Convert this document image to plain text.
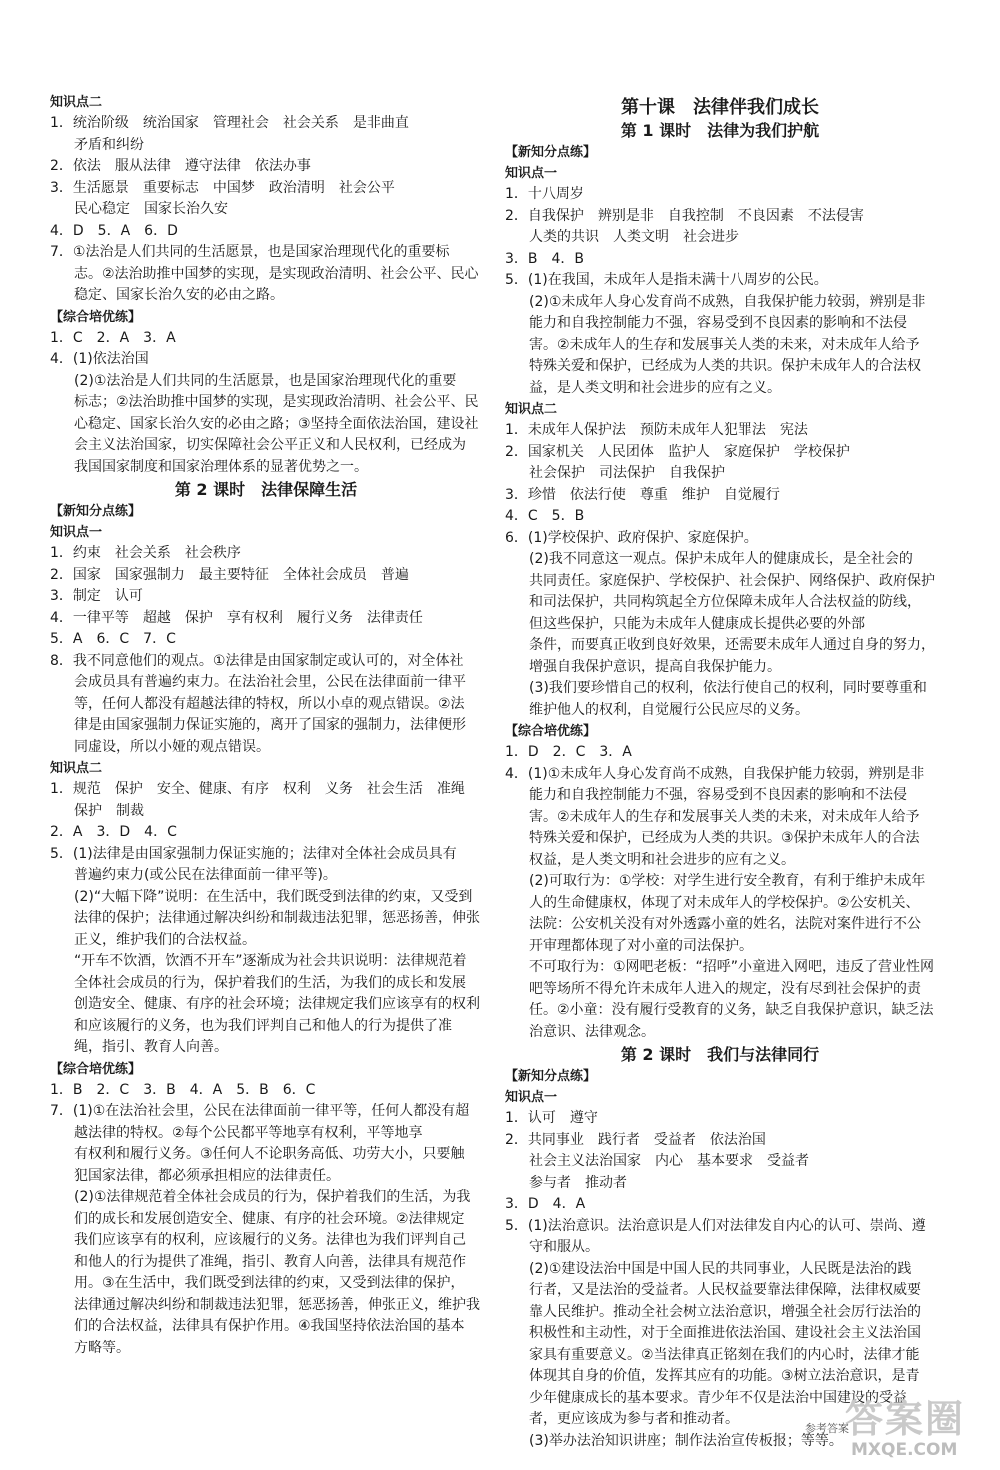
知识点二
1．统治阶级　统治国家　管理社会　社会关系　是非曲直
矛盾和纠纷
2．依法　服从法律　遵守法律　依法办事
3．生活愿景　重要标志　中国梦　政治清明　社会公平
民心稳定　国家长治久安
4．D　5．A　6．D
7．①法治是人们共同的生活愿景，也是国家治理现代化的重要标
志。②法治助推中国梦的实现，是实现政治清明、社会公平、民心
稳定、国家长治久安的必由之路。
【综合培优练】
1．C　2．A　3．A
4．(1)依法治国
(2)①法治是人们共同的生活愿景，也是国家治理现代化的重要
标志；②法治助推中国梦的实现，是实现政治清明、社会公平、民
心稳定、国家长治久安的必由之路；③坚持全面依法治国，建设社
会主义法治国家，切实保障社会公平正义和人民权利，已经成为
我国国家制度和国家治理体系的显著优势之一。
第 2 课时　法律保障生活
【新知分点练】
知识点一
1．约束　社会关系　社会秩序
2．国家　国家强制力　最主要特征　全体社会成员　普遍
3．制定　认可
4．一律平等　超越　保护　享有权利　履行义务　法律责任
5．A　6．C　7．C
8．我不同意他们的观点。①法律是由国家制定或认可的，对全体社
会成员具有普遍约束力。在法治社会里，公民在法律面前一律平
等，任何人都没有超越法律的特权，所以小卓的观点错误。②法
律是由国家强制力保证实施的，离开了国家的强制力，法律便形
同虚设，所以小娅的观点错误。
知识点二
1．规范　保护　安全、健康、有序　权利　义务　社会生活　准绳
保护　制裁
2．A　3．D　4．C
5．(1)法律是由国家强制力保证实施的；法律对全体社会成员具有
普遍约束力(或公民在法律面前一律平等)。
(2)“大幅下降”说明：在生活中，我们既受到法律的约束，又受到
法律的保护；法律通过解决纠纷和制裁违法犯罪，惩恶扬善，伸张
正义，维护我们的合法权益。
“开车不饮酒，饮酒不开车”逐渐成为社会共识说明：法律规范着
全体社会成员的行为，保护着我们的生活，为我们的成长和发展
创造安全、健康、有序的社会环境；法律规定我们应该享有的权利
和应该履行的义务，也为我们评判自己和他人的行为提供了准
绳，指引、教育人向善。
【综合培优练】
1．B　2．C　3．B　4．A　5．B　6．C
7．(1)①在法治社会里，公民在法律面前一律平等，任何人都没有超
越法律的特权。②每个公民都平等地享有权利，平等地享
有权利和履行义务。③任何人不论职务高低、功劳大小，只要触
犯国家法律，都必须承担相应的法律责任。
(2)①法律规范着全体社会成员的行为，保护着我们的生活，为我
们的成长和发展创造安全、健康、有序的社会环境。②法律规定
我们应该享有的权利，应该履行的义务。法律也为我们评判自己
和他人的行为提供了准绳，指引、教育人向善，法律具有规范作
用。③在生活中，我们既受到法律的约束，又受到法律的保护，
法律通过解决纠纷和制裁违法犯罪，惩恶扬善，伸张正义，维护我
们的合法权益，法律具有保护作用。④我国坚持依法治国的基本
方略等。
第十课　法律伴我们成长
第 1 课时　法律为我们护航
【新知分点练】
知识点一
1．十八周岁
2．自我保护　辨别是非　自我控制　不良因素　不法侵害
人类的共识　人类文明　社会进步
3．B　4．B
5．(1)在我国，未成年人是指未满十八周岁的公民。
(2)①未成年人身心发育尚不成熟，自我保护能力较弱，辨别是非
能力和自我控制能力不强，容易受到不良因素的影响和不法侵
害。②未成年人的生存和发展事关人类的未来，对未成年人给予
特殊关爱和保护，已经成为人类的共识。保护未成年人的合法权
益，是人类文明和社会进步的应有之义。
知识点二
1．未成年人保护法　预防未成年人犯罪法　宪法
2．国家机关　人民团体　监护人　家庭保护　学校保护
社会保护　司法保护　自我保护
3．珍惜　依法行使　尊重　维护　自觉履行
4．C　5．B
6．(1)学校保护、政府保护、家庭保护。
(2)我不同意这一观点。保护未成年人的健康成长，是全社会的
共同责任。家庭保护、学校保护、社会保护、网络保护、政府保护
和司法保护，共同构筑起全方位保障未成年人合法权益的防线，
但这些保护，只能为未成年人健康成长提供必要的外部
条件，而要真正收到良好效果，还需要未成年人通过自身的努力，
增强自我保护意识，提高自我保护能力。
(3)我们要珍惜自己的权利，依法行使自己的权利，同时要尊重和
维护他人的权利，自觉履行公民应尽的义务。
【综合培优练】
1．D　2．C　3．A
4．(1)①未成年人身心发育尚不成熟，自我保护能力较弱，辨别是非
能力和自我控制能力不强，容易受到不良因素的影响和不法侵
害。②未成年人的生存和发展事关人类的未来，对未成年人给予
特殊关爱和保护，已经成为人类的共识。③保护未成年人的合法
权益，是人类文明和社会进步的应有之义。
(2)可取行为：①学校：对学生进行安全教育，有利于维护未成年
人的生命健康权，体现了对未成年人的学校保护。②公安机关、
法院：公安机关没有对外透露小童的姓名，法院对案件进行不公
开审理都体现了对小童的司法保护。
不可取行为：①网吧老板：“招呼”小童进入网吧，违反了营业性网
吧等场所不得允许未成年人进入的规定，没有尽到社会保护的责
任。②小童：没有履行受教育的义务，缺乏自我保护意识，缺乏法
治意识、法律观念。
第 2 课时　我们与法律同行
【新知分点练】
知识点一
1．认可　遵守
2．共同事业　践行者　受益者　依法治国
社会主义法治国家　内心　基本要求　受益者
参与者　推动者
3．D　4．A
5．(1)法治意识。法治意识是人们对法律发自内心的认可、崇尚、遵
守和服从。
(2)①建设法治中国是中国人民的共同事业，人民既是法治的践
行者，又是法治的受益者。人民权益要靠法律保障，法律权威要
靠人民维护。推动全社会树立法治意识，增强全社会厉行法治的
积极性和主动性，对于全面推进依法治国、建设社会主义法治国
家具有重要意义。②当法律真正铭刻在我们的内心时，法律才能
体现其自身的价值，发挥其应有的功能。③树立法治意识，是青
少年健康成长的基本要求。青少年不仅是法治中国建设的受益
者，更应该成为参与者和推动者。
(3)举办法治知识讲座；制作法治宣传板报；等等。
参考答案
答案圈
MXQE.COM
